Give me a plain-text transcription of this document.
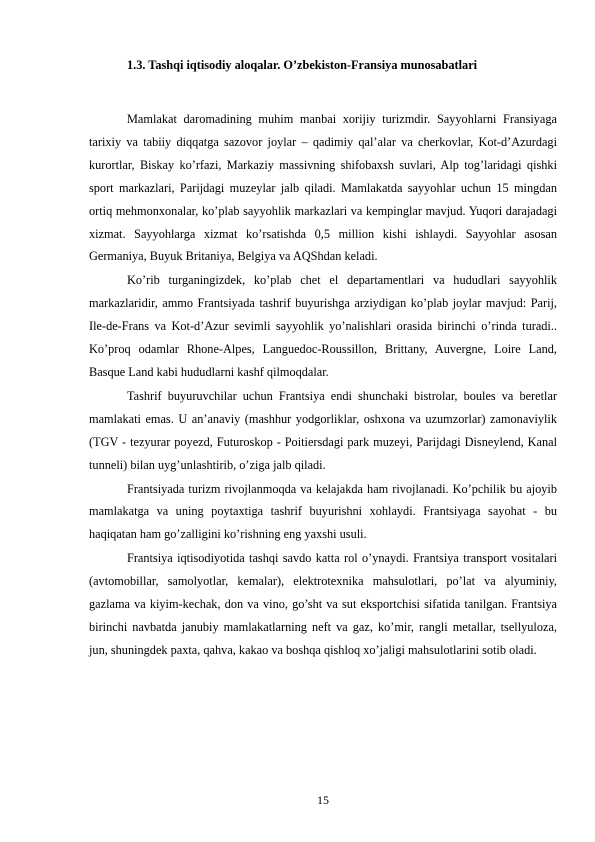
1.3. Tashqi iqtisodiy aloqalar. O’zbekiston-Fransiya munosabatlari

Mamlakat daromadining muhim manbai xorijiy turizmdir. Sayyohlarni Fransiyaga tarixiy va tabiiy diqqatga sazovor joylar – qadimiy qal’alar va cherkovlar, Kot-d’Azurdagi kurortlar, Biskay ko’rfazi, Markaziy massivning shifobaxsh suvlari, Alp tog’laridagi qishki sport markazlari, Parijdagi muzeylar jalb qiladi. Mamlakatda sayyohlar uchun 15 mingdan ortiq mehmonxonalar, ko’plab sayyohlik markazlari va kempinglar mavjud. Yuqori darajadagi xizmat. Sayyohlarga xizmat ko’rsatishda 0,5 million kishi ishlaydi. Sayyohlar asosan Germaniya, Buyuk Britaniya, Belgiya va AQShdan keladi.

Ko’rib turganingizdek, ko’plab chet el departamentlari va hududlari sayyohlik markazlaridir, ammo Frantsiyada tashrif buyurishga arziydigan ko’plab joylar mavjud: Parij, Ile-de-Frans va Kot-d’Azur sevimli sayyohlik yo’nalishlari orasida birinchi o’rinda turadi.. Ko’proq odamlar Rhone-Alpes, Languedoc-Roussillon, Brittany, Auvergne, Loire Land, Basque Land kabi hududlarni kashf qilmoqdalar.

Tashrif buyuruvchilar uchun Frantsiya endi shunchaki bistrolar, boules va beretlar mamlakati emas. U an’anaviy (mashhur yodgorliklar, oshxona va uzumzorlar) zamonaviylik (TGV - tezyurar poyezd, Futuroskop - Poitiersdagi park muzeyi, Parijdagi Disneylend, Kanal tunneli) bilan uyg’unlashtirib, o’ziga jalb qiladi.

Frantsiyada turizm rivojlanmoqda va kelajakda ham rivojlanadi. Ko’pchilik bu ajoyib mamlakatga va uning poytaxtiga tashrif buyurishni xohlaydi. Frantsiyaga sayohat - bu haqiqatan ham go’zalligini ko’rishning eng yaxshi usuli.

Frantsiya iqtisodiyotida tashqi savdo katta rol o’ynaydi. Frantsiya transport vositalari (avtomobillar, samolyotlar, kemalar), elektrotexnika mahsulotlari, po’lat va alyuminiy, gazlama va kiyim-kechak, don va vino, go’sht va sut eksportchisi sifatida tanilgan. Frantsiya birinchi navbatda janubiy mamlakatlarning neft va gaz, ko’mir, rangli metallar, tsellyuloza, jun, shuningdek paxta, qahva, kakao va boshqa qishloq xo’jaligi mahsulotlarini sotib oladi.

15
